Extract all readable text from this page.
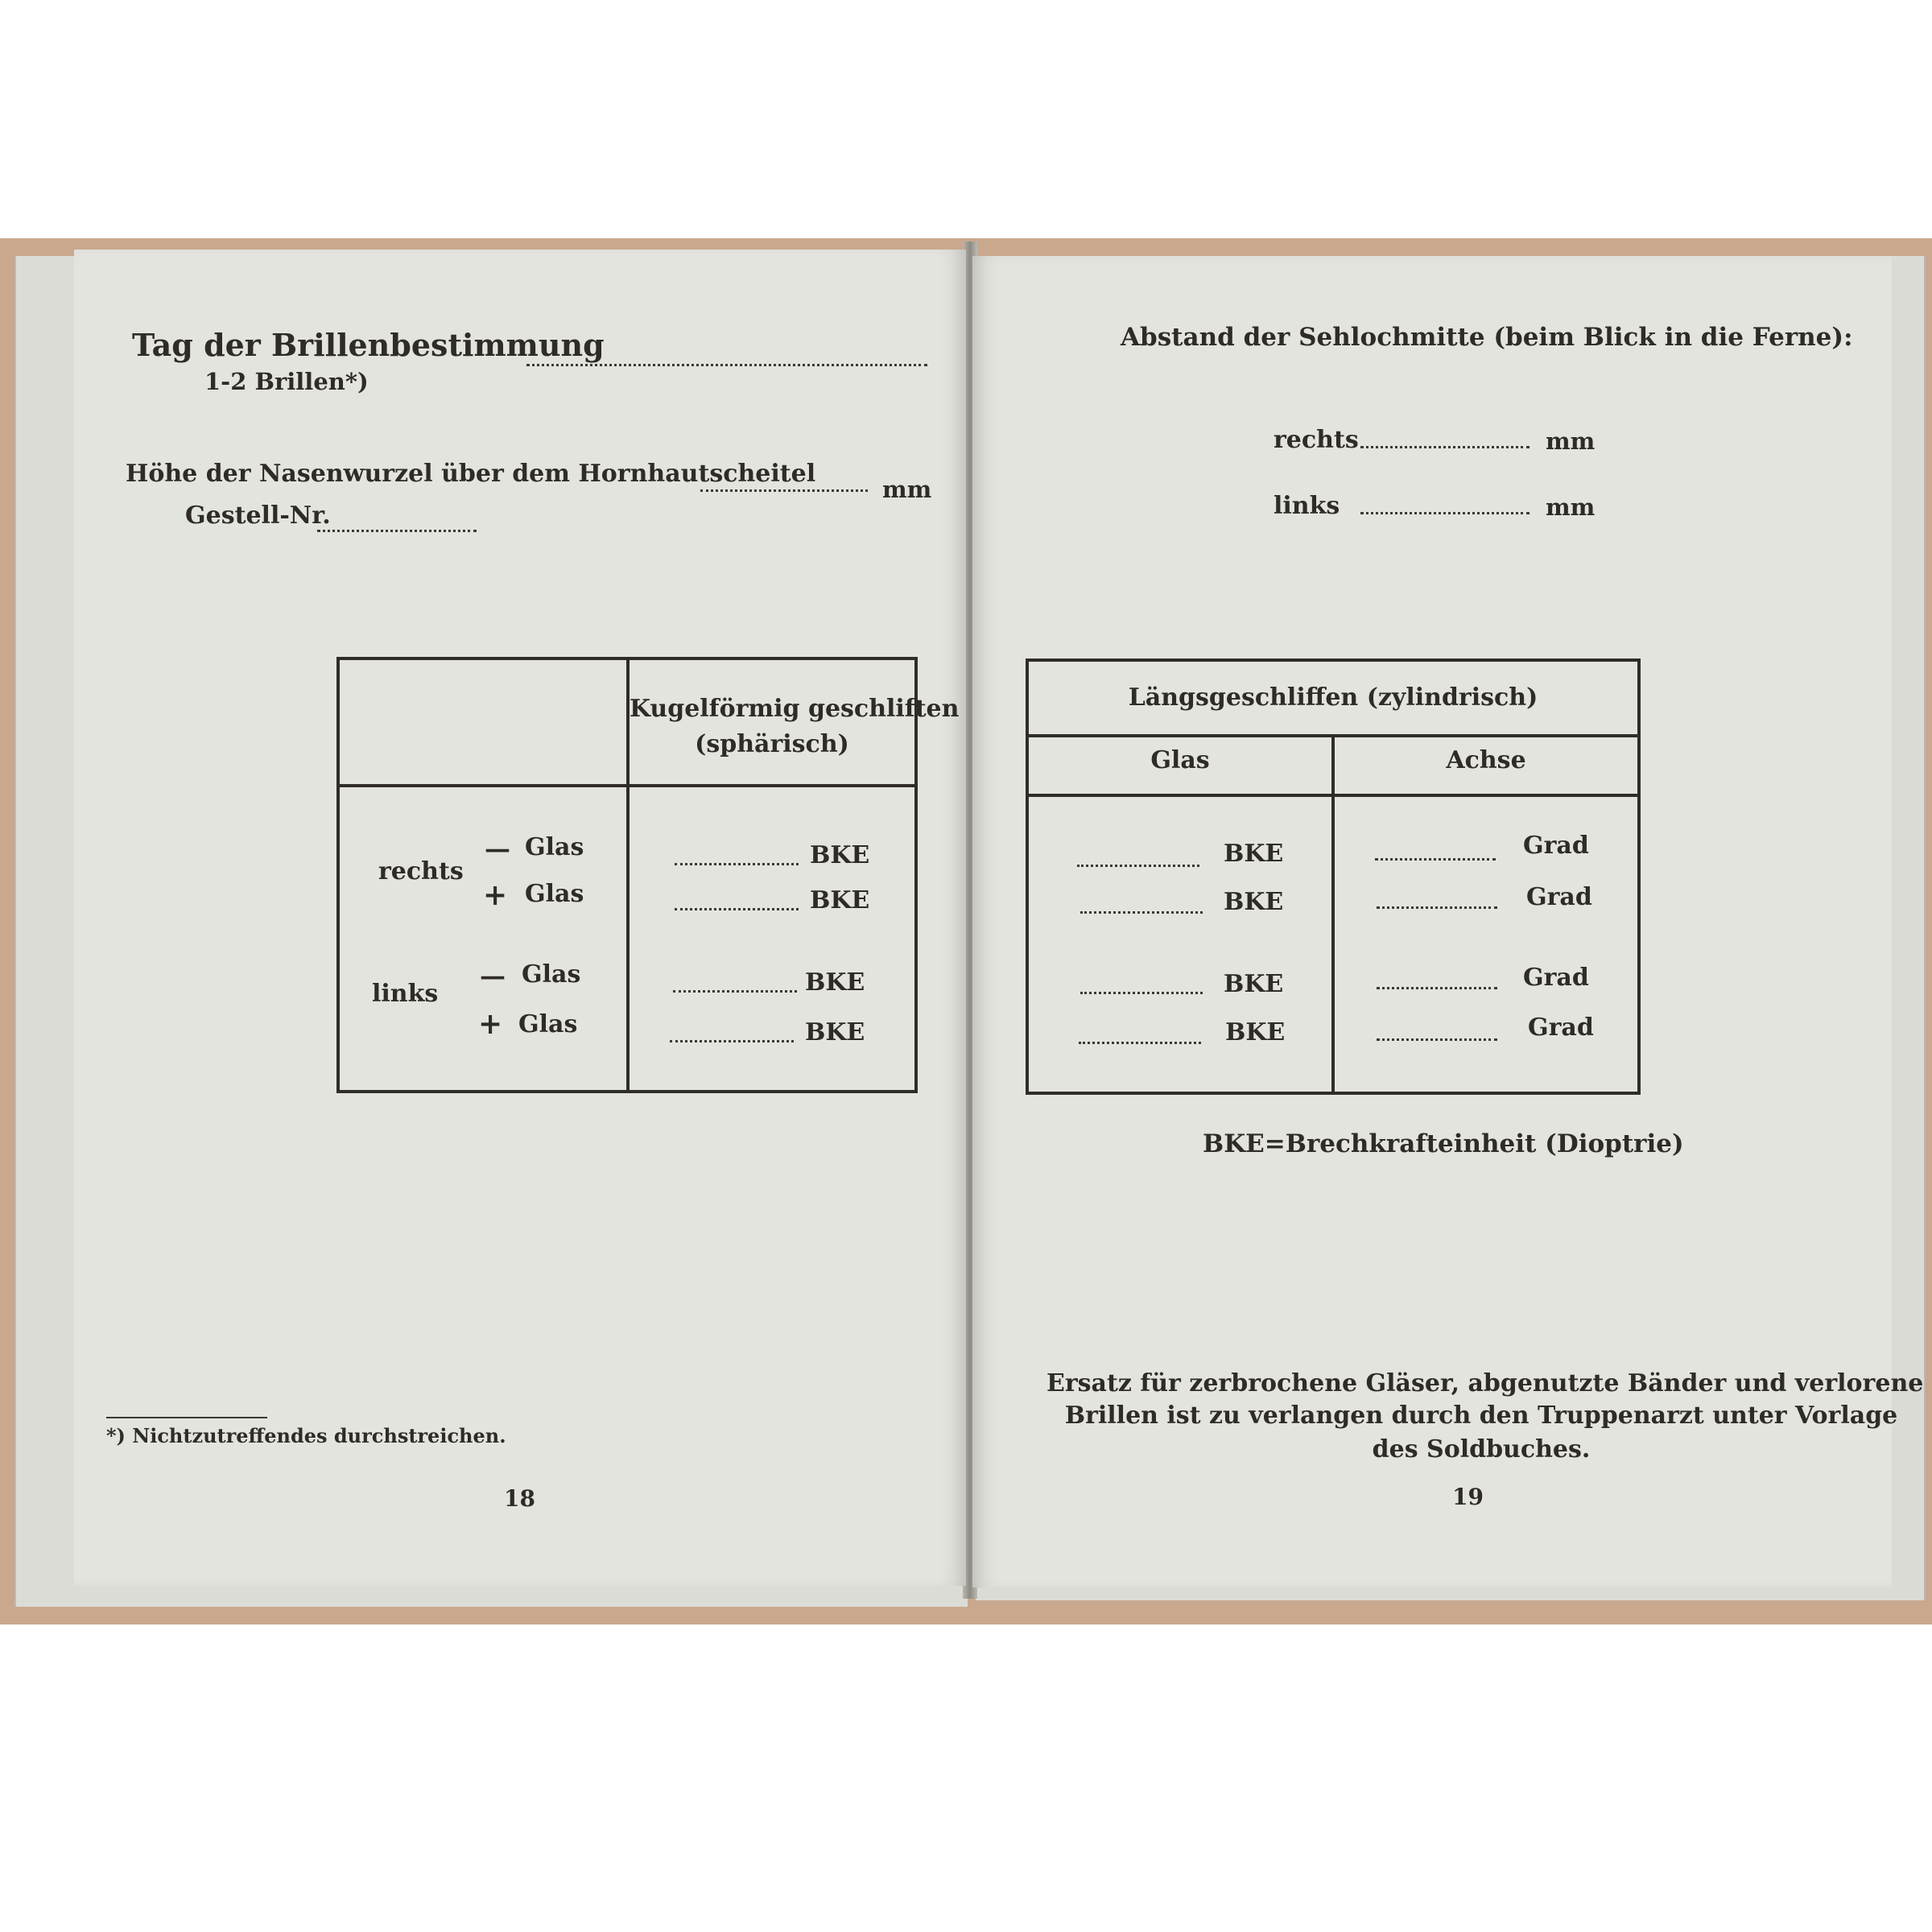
Tag der Brillenbestimmung
1-2 Brillen*)
Höhe der Nasenwurzel über dem Hornhautscheitel
mm
Gestell-Nr.
Kugelförmig geschliften
(sphärisch)
rechts
— Glas	BKE
+ Glas	BKE
links
— Glas	BKE
+ Glas	BKE
*) Nichtzutreffendes durchstreichen.
18
Abstand der Sehlochmitte (beim Blick in die Ferne):
rechts	mm
links	mm
Längsgeschliffen (zylindrisch)
Glas	Achse
BKE	Grad
BKE	Grad
BKE	Grad
BKE	Grad
BKE=Brechkrafteinheit (Dioptrie)
Ersatz für zerbrochene Gläser, abgenutzte Bänder und verlorene
Brillen ist zu verlangen durch den Truppenarzt unter Vorlage
des Soldbuches.
19
